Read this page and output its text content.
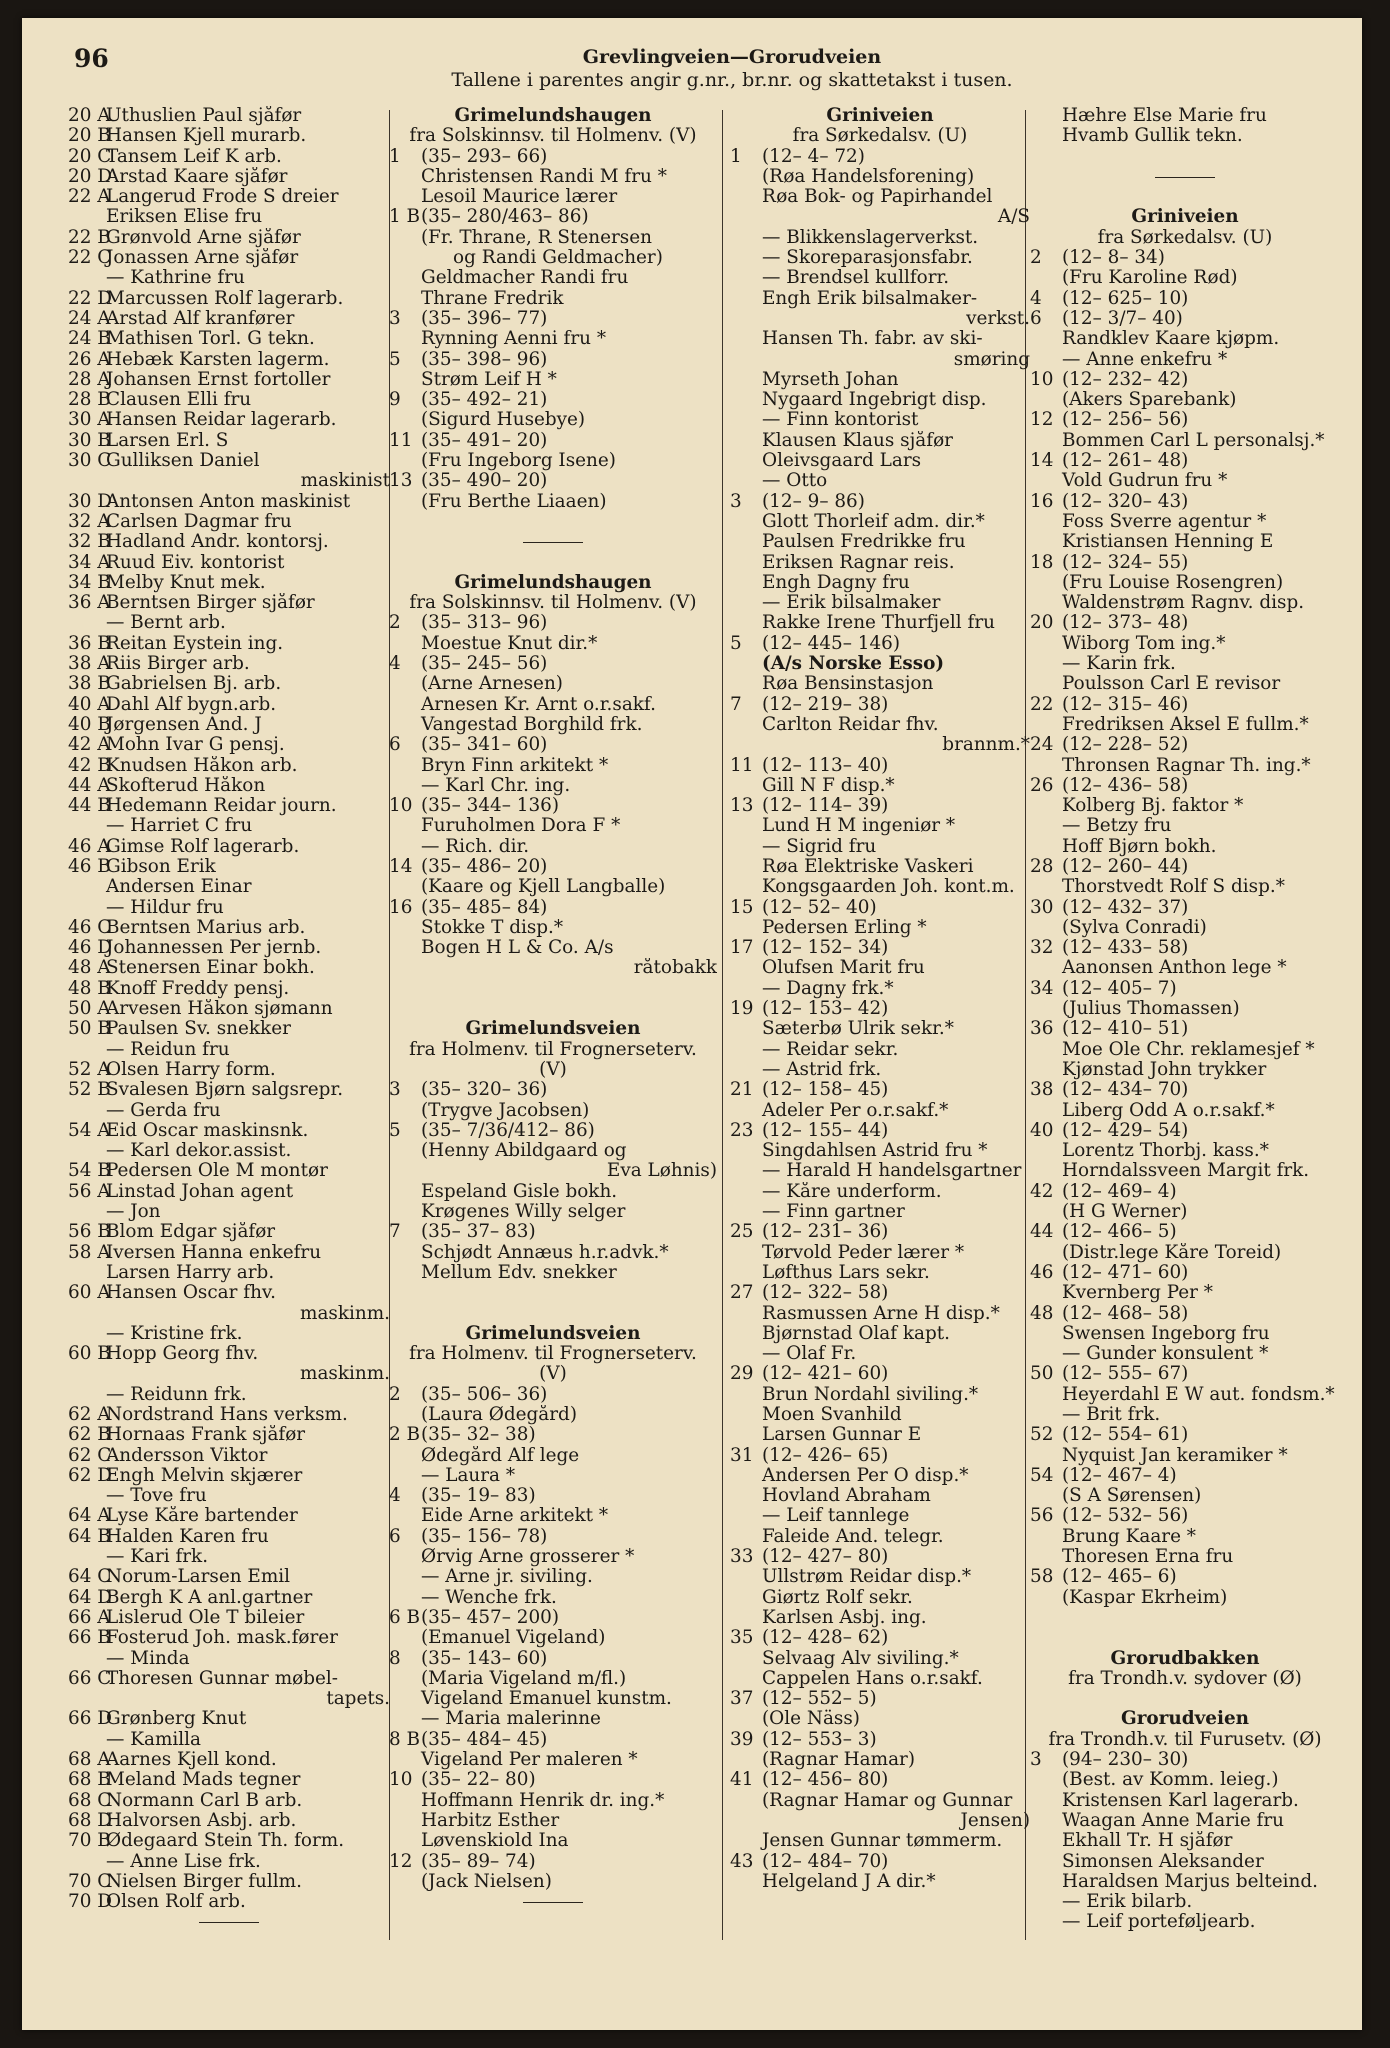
96	Grevlingveien—Grorudveien
Tallene i parentes angir g.nr., br.nr. og skattetakst i tusen.
20 AUthuslien Paul sjåfør
20 BHansen Kjell murarb.
20 CTansem Leif K arb.
20 DArstad Kaare sjåfør
22 ALangerud Frode S dreier
Eriksen Elise fru
22 BGrønvold Arne sjåfør
22 CJonassen Arne sjåfør
— Kathrine fru
22 DMarcussen Rolf lagerarb.
24 AArstad Alf kranfører
24 BMathisen Torl. G tekn.
26 AHebæk Karsten lagerm.
28 AJohansen Ernst fortoller
28 BClausen Elli fru
30 AHansen Reidar lagerarb.
30 BLarsen Erl. S
30 CGulliksen Daniel
maskinist
30 DAntonsen Anton maskinist
32 ACarlsen Dagmar fru
32 BHadland Andr. kontorsj.
34 ARuud Eiv. kontorist
34 BMelby Knut mek.
36 ABerntsen Birger sjåfør
— Bernt arb.
36 BReitan Eystein ing.
38 ARiis Birger arb.
38 BGabrielsen Bj. arb.
40 ADahl Alf bygn.arb.
40 BJørgensen And. J
42 AMohn Ivar G pensj.
42 BKnudsen Håkon arb.
44 ASkofterud Håkon
44 BHedemann Reidar journ.
— Harriet C fru
46 AGimse Rolf lagerarb.
46 BGibson Erik
Andersen Einar
— Hildur fru
46 CBerntsen Marius arb.
46 DJohannessen Per jernb.
48 AStenersen Einar bokh.
48 BKnoff Freddy pensj.
50 AArvesen Håkon sjømann
50 BPaulsen Sv. snekker
— Reidun fru
52 AOlsen Harry form.
52 BSvalesen Bjørn salgsrepr.
— Gerda fru
54 AEid Oscar maskinsnk.
— Karl dekor.assist.
54 BPedersen Ole M montør
56 ALinstad Johan agent
— Jon
56 BBlom Edgar sjåfør
58 AIversen Hanna enkefru
Larsen Harry arb.
60 AHansen Oscar fhv.
maskinm.
— Kristine frk.
60 BHopp Georg fhv.
maskinm.
— Reidunn frk.
62 ANordstrand Hans verksm.
62 BHornaas Frank sjåfør
62 CAndersson Viktor
62 DEngh Melvin skjærer
— Tove fru
64 ALyse Kåre bartender
64 BHalden Karen fru
— Kari frk.
64 CNorum-Larsen Emil
64 DBergh K A anl.gartner
66 ALislerud Ole T bileier
66 BFosterud Joh. mask.fører
— Minda
66 CThoresen Gunnar møbel-
tapets.
66 DGrønberg Knut
— Kamilla
68 AAarnes Kjell kond.
68 BMeland Mads tegner
68 CNormann Carl B arb.
68 DHalvorsen Asbj. arb.
70 BØdegaard Stein Th. form.
— Anne Lise frk.
70 CNielsen Birger fullm.
70 DOlsen Rolf arb.
Grimelundshaugen
fra Solskinnsv. til Holmenv. (V)
1 (35– 293– 66)
Christensen Randi M fru *
Lesoil Maurice lærer
1 B(35– 280/463– 86)
(Fr. Thrane, R Stenersen
og Randi Geldmacher)
Geldmacher Randi fru
Thrane Fredrik
3 (35– 396– 77)
Rynning Aenni fru *
5 (35– 398– 96)
Strøm Leif H *
9 (35– 492– 21)
(Sigurd Husebye)
11 (35– 491– 20)
(Fru Ingeborg Isene)
13 (35– 490– 20)
(Fru Berthe Liaaen)
Grimelundshaugen
fra Solskinnsv. til Holmenv. (V)
2 (35– 313– 96)
Moestue Knut dir.*
4 (35– 245– 56)
(Arne Arnesen)
Arnesen Kr. Arnt o.r.sakf.
Vangestad Borghild frk.
6 (35– 341– 60)
Bryn Finn arkitekt *
— Karl Chr. ing.
10 (35– 344– 136)
Furuholmen Dora F *
— Rich. dir.
14 (35– 486– 20)
(Kaare og Kjell Langballe)
16 (35– 485– 84)
Stokke T disp.*
Bogen H L & Co. A/s
råtobakk
Grimelundsveien
fra Holmenv. til Frognerseterv.
(V)
3 (35– 320– 36)
(Trygve Jacobsen)
5 (35– 7/36/412– 86)
(Henny Abildgaard og
Eva Løhnis)
Espeland Gisle bokh.
Krøgenes Willy selger
7 (35– 37– 83)
Schjødt Annæus h.r.advk.*
Mellum Edv. snekker
Grimelundsveien
fra Holmenv. til Frognerseterv.
(V)
2 (35– 506– 36)
(Laura Ødegård)
2 B(35– 32– 38)
Ødegård Alf lege
— Laura *
4 (35– 19– 83)
Eide Arne arkitekt *
6 (35– 156– 78)
Ørvig Arne grosserer *
— Arne jr. siviling.
— Wenche frk.
6 B(35– 457– 200)
(Emanuel Vigeland)
8 (35– 143– 60)
(Maria Vigeland m/fl.)
Vigeland Emanuel kunstm.
— Maria malerinne
8 B(35– 484– 45)
Vigeland Per maleren *
10 (35– 22– 80)
Hoffmann Henrik dr. ing.*
Harbitz Esther
Løvenskiold Ina
12 (35– 89– 74)
(Jack Nielsen)
Griniveien
fra Sørkedalsv. (U)
1 (12– 4– 72)
(Røa Handelsforening)
Røa Bok- og Papirhandel
A/S
— Blikkenslagerverkst.
— Skoreparasjonsfabr.
— Brendsel kullforr.
Engh Erik bilsalmaker-
verkst.
Hansen Th. fabr. av ski-
smøring
Myrseth Johan
Nygaard Ingebrigt disp.
— Finn kontorist
Klausen Klaus sjåfør
Oleivsgaard Lars
— Otto
3 (12– 9– 86)
Glott Thorleif adm. dir.*
Paulsen Fredrikke fru
Eriksen Ragnar reis.
Engh Dagny fru
— Erik bilsalmaker
Rakke Irene Thurfjell fru
5 (12– 445– 146)
(A/s Norske Esso)
Røa Bensinstasjon
7 (12– 219– 38)
Carlton Reidar fhv.
brannm.*
11 (12– 113– 40)
Gill N F disp.*
13 (12– 114– 39)
Lund H M ingeniør *
— Sigrid fru
Røa Elektriske Vaskeri
Kongsgaarden Joh. kont.m.
15 (12– 52– 40)
Pedersen Erling *
17 (12– 152– 34)
Olufsen Marit fru
— Dagny frk.*
19 (12– 153– 42)
Sæterbø Ulrik sekr.*
— Reidar sekr.
— Astrid frk.
21 (12– 158– 45)
Adeler Per o.r.sakf.*
23 (12– 155– 44)
Singdahlsen Astrid fru *
— Harald H handelsgartner
— Kåre underform.
— Finn gartner
25 (12– 231– 36)
Tørvold Peder lærer *
Løfthus Lars sekr.
27 (12– 322– 58)
Rasmussen Arne H disp.*
Bjørnstad Olaf kapt.
— Olaf Fr.
29 (12– 421– 60)
Brun Nordahl siviling.*
Moen Svanhild
Larsen Gunnar E
31 (12– 426– 65)
Andersen Per O disp.*
Hovland Abraham
— Leif tannlege
Faleide And. telegr.
33 (12– 427– 80)
Ullstrøm Reidar disp.*
Giørtz Rolf sekr.
Karlsen Asbj. ing.
35 (12– 428– 62)
Selvaag Alv siviling.*
Cappelen Hans o.r.sakf.
37 (12– 552– 5)
(Ole Näss)
39 (12– 553– 3)
(Ragnar Hamar)
41 (12– 456– 80)
(Ragnar Hamar og Gunnar
Jensen)
Jensen Gunnar tømmerm.
43 (12– 484– 70)
Helgeland J A dir.*
Hæhre Else Marie fru
Hvamb Gullik tekn.
Griniveien
fra Sørkedalsv. (U)
2 (12– 8– 34)
(Fru Karoline Rød)
4 (12– 625– 10)
6 (12– 3/7– 40)
Randklev Kaare kjøpm.
— Anne enkefru *
10 (12– 232– 42)
(Akers Sparebank)
12 (12– 256– 56)
Bommen Carl L personalsj.*
14 (12– 261– 48)
Vold Gudrun fru *
16 (12– 320– 43)
Foss Sverre agentur *
Kristiansen Henning E
18 (12– 324– 55)
(Fru Louise Rosengren)
Waldenstrøm Ragnv. disp.
20 (12– 373– 48)
Wiborg Tom ing.*
— Karin frk.
Poulsson Carl E revisor
22 (12– 315– 46)
Fredriksen Aksel E fullm.*
24 (12– 228– 52)
Thronsen Ragnar Th. ing.*
26 (12– 436– 58)
Kolberg Bj. faktor *
— Betzy fru
Hoff Bjørn bokh.
28 (12– 260– 44)
Thorstvedt Rolf S disp.*
30 (12– 432– 37)
(Sylva Conradi)
32 (12– 433– 58)
Aanonsen Anthon lege *
34 (12– 405– 7)
(Julius Thomassen)
36 (12– 410– 51)
Moe Ole Chr. reklamesjef *
Kjønstad John trykker
38 (12– 434– 70)
Liberg Odd A o.r.sakf.*
40 (12– 429– 54)
Lorentz Thorbj. kass.*
Horndalssveen Margit frk.
42 (12– 469– 4)
(H G Werner)
44 (12– 466– 5)
(Distr.lege Kåre Toreid)
46 (12– 471– 60)
Kvernberg Per *
48 (12– 468– 58)
Swensen Ingeborg fru
— Gunder konsulent *
50 (12– 555– 67)
Heyerdahl E W aut. fondsm.*
— Brit frk.
52 (12– 554– 61)
Nyquist Jan keramiker *
54 (12– 467– 4)
(S A Sørensen)
56 (12– 532– 56)
Brung Kaare *
Thoresen Erna fru
58 (12– 465– 6)
(Kaspar Ekrheim)
Grorudbakken
fra Trondh.v. sydover (Ø)
Grorudveien
fra Trondh.v. til Furusetv. (Ø)
3 (94– 230– 30)
(Best. av Komm. leieg.)
Kristensen Karl lagerarb.
Waagan Anne Marie fru
Ekhall Tr. H sjåfør
Simonsen Aleksander
Haraldsen Marjus belteind.
— Erik bilarb.
— Leif porteføljearb.
